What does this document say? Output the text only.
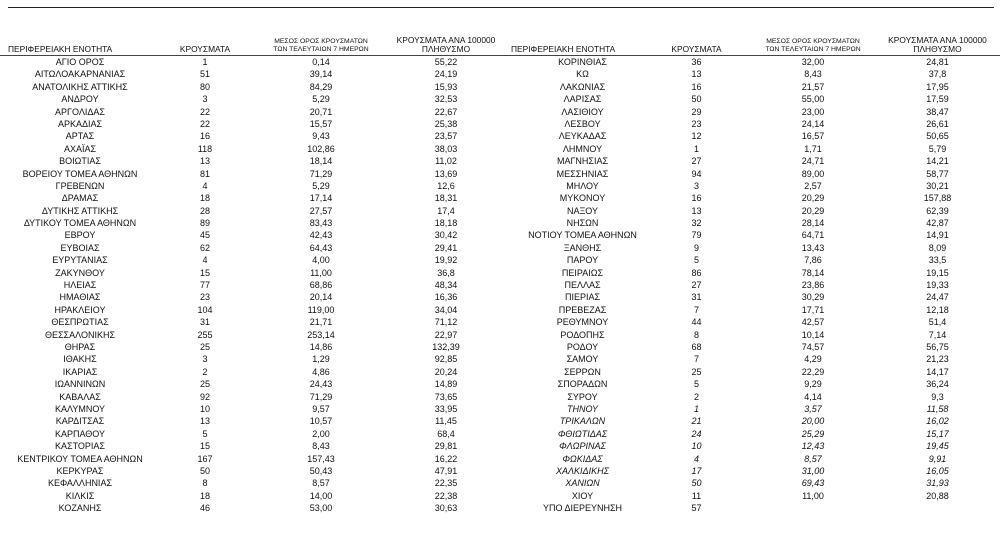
ΠΕΡΙΦΕΡΕΙΑΚΗ ΕΝΟΤΗΤΑ	ΚΡΟΥΣΜΑΤΑ
ΜΕΣΟΣ ΟΡΟΣ ΚΡΟΥΣΜΑΤΩΝ
ΤΩΝ ΤΕΛΕΥΤΑΙΩΝ 7 ΗΜΕΡΩΝ
ΚΡΟΥΣΜΑΤΑ ΑΝΑ 100000
ΠΛΗΘΥΣΜΟ
ΑΓΙΟ ΟΡΟΣ	1	0,14	55,22
ΑΙΤΩΛΟΑΚΑΡΝΑΝΙΑΣ	51	39,14	24,19
ΑΝΑΤΟΛΙΚΗΣ ΑΤΤΙΚΗΣ	80	84,29	15,93
ΑΝΔΡΟΥ	3	5,29	32,53
ΑΡΓΟΛΙΔΑΣ	22	20,71	22,67
ΑΡΚΑΔΙΑΣ	22	15,57	25,38
ΑΡΤΑΣ	16	9,43	23,57
ΑΧΑΪΑΣ	118	102,86	38,03
ΒΟΙΩΤΙΑΣ	13	18,14	11,02
ΒΟΡΕΙΟΥ ΤΟΜΕΑ ΑΘΗΝΩΝ	81	71,29	13,69
ΓΡΕΒΕΝΩΝ	4	5,29	12,6
ΔΡΑΜΑΣ	18	17,14	18,31
ΔΥΤΙΚΗΣ ΑΤΤΙΚΗΣ	28	27,57	17,4
ΔΥΤΙΚΟΥ ΤΟΜΕΑ ΑΘΗΝΩΝ	89	83,43	18,18
ΕΒΡΟΥ	45	42,43	30,42
ΕΥΒΟΙΑΣ	62	64,43	29,41
ΕΥΡΥΤΑΝΙΑΣ	4	4,00	19,92
ΖΑΚΥΝΘΟΥ	15	11,00	36,8
ΗΛΕΙΑΣ	77	68,86	48,34
ΗΜΑΘΙΑΣ	23	20,14	16,36
ΗΡΑΚΛΕΙΟΥ	104	119,00	34,04
ΘΕΣΠΡΩΤΙΑΣ	31	21,71	71,12
ΘΕΣΣΑΛΟΝΙΚΗΣ	255	253,14	22,97
ΘΗΡΑΣ	25	14,86	132,39
ΙΘΑΚΗΣ	3	1,29	92,85
ΙΚΑΡΙΑΣ	2	4,86	20,24
ΙΩΑΝΝΙΝΩΝ	25	24,43	14,89
ΚΑΒΑΛΑΣ	92	71,29	73,65
ΚΑΛΥΜΝΟΥ	10	9,57	33,95
ΚΑΡΔΙΤΣΑΣ	13	10,57	11,45
ΚΑΡΠΑΘΟΥ	5	2,00	68,4
ΚΑΣΤΟΡΙΑΣ	15	8,43	29,81
ΚΕΝΤΡΙΚΟΥ ΤΟΜΕΑ ΑΘΗΝΩΝ	167	157,43	16,22
ΚΕΡΚΥΡΑΣ	50	50,43	47,91
ΚΕΦΑΛΛΗΝΙΑΣ	8	8,57	22,35
ΚΙΛΚΙΣ	18	14,00	22,38
ΚΟΖΑΝΗΣ	46	53,00	30,63
ΠΕΡΙΦΕΡΕΙΑΚΗ ΕΝΟΤΗΤΑ	ΚΡΟΥΣΜΑΤΑ
ΜΕΣΟΣ ΟΡΟΣ ΚΡΟΥΣΜΑΤΩΝ
ΤΩΝ ΤΕΛΕΥΤΑΙΩΝ 7 ΗΜΕΡΩΝ
ΚΡΟΥΣΜΑΤΑ ΑΝΑ 100000
ΠΛΗΘΥΣΜΟ
ΚΟΡΙΝΘΙΑΣ	36	32,00	24,81
ΚΩ	13	8,43	37,8
ΛΑΚΩΝΙΑΣ	16	21,57	17,95
ΛΑΡΙΣΑΣ	50	55,00	17,59
ΛΑΣΙΘΙΟΥ	29	23,00	38,47
ΛΕΣΒΟΥ	23	24,14	26,61
ΛΕΥΚΑΔΑΣ	12	16,57	50,65
ΛΗΜΝΟΥ	1	1,71	5,79
ΜΑΓΝΗΣΙΑΣ	27	24,71	14,21
ΜΕΣΣΗΝΙΑΣ	94	89,00	58,77
ΜΗΛΟΥ	3	2,57	30,21
ΜΥΚΟΝΟΥ	16	20,29	157,88
ΝΑΞΟΥ	13	20,29	62,39
ΝΗΣΩΝ	32	28,14	42,87
ΝΟΤΙΟΥ ΤΟΜΕΑ ΑΘΗΝΩΝ	79	64,71	14,91
ΞΑΝΘΗΣ	9	13,43	8,09
ΠΑΡΟΥ	5	7,86	33,5
ΠΕΙΡΑΙΩΣ	86	78,14	19,15
ΠΕΛΛΑΣ	27	23,86	19,33
ΠΙΕΡΙΑΣ	31	30,29	24,47
ΠΡΕΒΕΖΑΣ	7	17,71	12,18
ΡΕΘΥΜΝΟΥ	44	42,57	51,4
ΡΟΔΟΠΗΣ	8	10,14	7,14
ΡΟΔΟΥ	68	74,57	56,75
ΣΑΜΟΥ	7	4,29	21,23
ΣΕΡΡΩΝ	25	22,29	14,17
ΣΠΟΡΑΔΩΝ	5	9,29	36,24
ΣΥΡΟΥ	2	4,14	9,3
ΤΗΝΟΥ	1	3,57	11,58
ΤΡΙΚΑΛΩΝ	21	20,00	16,02
ΦΘΙΩΤΙΔΑΣ	24	25,29	15,17
ΦΛΩΡΙΝΑΣ	10	12,43	19,45
ΦΩΚΙΔΑΣ	4	8,57	9,91
ΧΑΛΚΙΔΙΚΗΣ	17	31,00	16,05
ΧΑΝΙΩΝ	50	69,43	31,93
ΧΙΟΥ	11	11,00	20,88
ΥΠΟ ΔΙΕΡΕΥΝΗΣΗ	57
